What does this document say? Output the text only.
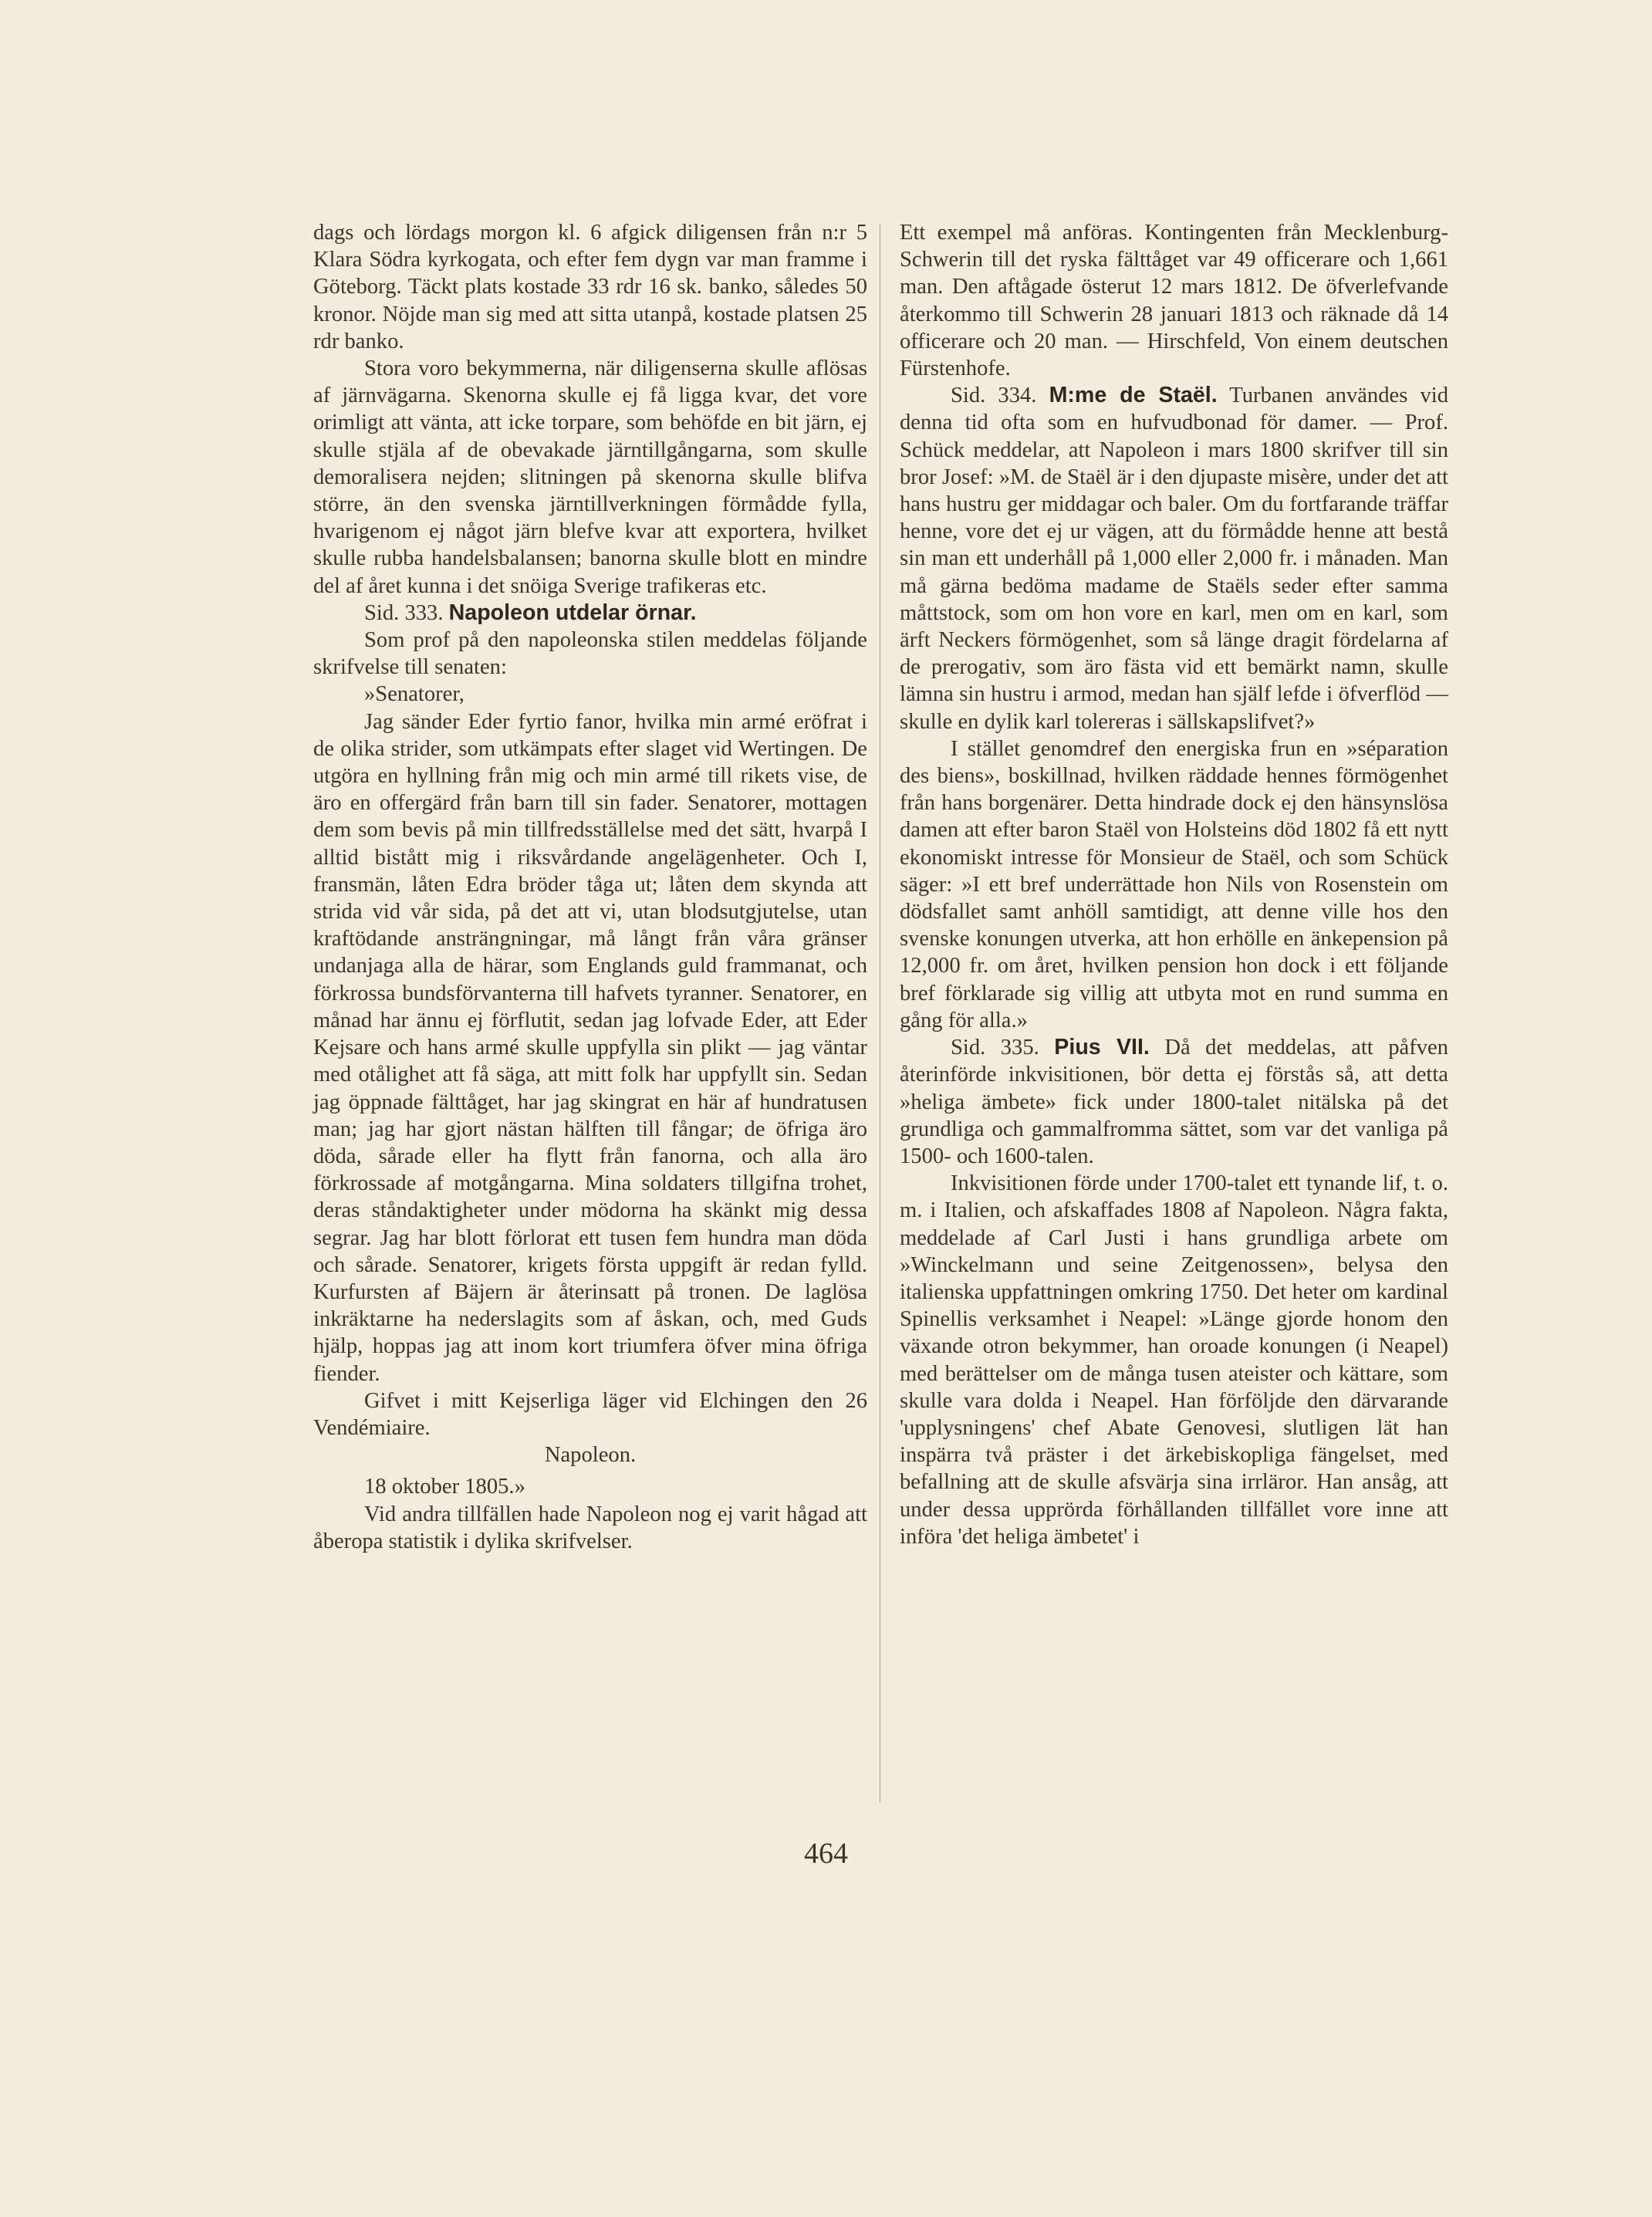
dags och lördags morgon kl. 6 afgick diligensen från n:r 5 Klara Södra kyrkogata, och efter fem dygn var man framme i Göteborg. Täckt plats kostade 33 rdr 16 sk. banko, således 50 kronor. Nöjde man sig med att sitta utanpå, kostade platsen 25 rdr banko.

Stora voro bekymmerna, när diligenserna skulle aflösas af järnvägarna. Skenorna skulle ej få ligga kvar, det vore orimligt att vänta, att icke torpare, som behöfde en bit järn, ej skulle stjäla af de obevakade järntillgångarna, som skulle demoralisera nejden; slitningen på skenorna skulle blifva större, än den svenska järntillverkningen förmådde fylla, hvarigenom ej något järn blefve kvar att exportera, hvilket skulle rubba handelsbalansen; banorna skulle blott en mindre del af året kunna i det snöiga Sverige trafikeras etc.

Sid. 333. Napoleon utdelar örnar.

Som prof på den napoleonska stilen meddelas följande skrifvelse till senaten:

»Senatorer,

Jag sänder Eder fyrtio fanor, hvilka min armé eröfrat i de olika strider, som utkämpats efter slaget vid Wertingen. De utgöra en hyllning från mig och min armé till rikets vise, de äro en offergärd från barn till sin fader. Senatorer, mottagen dem som bevis på min tillfredsställelse med det sätt, hvarpå I alltid bistått mig i riksvårdande angelägenheter. Och I, fransmän, låten Edra bröder tåga ut; låten dem skynda att strida vid vår sida, på det att vi, utan blodsutgjutelse, utan kraftödande ansträngningar, må långt från våra gränser undanjaga alla de härar, som Englands guld frammanat, och förkrossa bundsförvanterna till hafvets tyranner. Senatorer, en månad har ännu ej förflutit, sedan jag lofvade Eder, att Eder Kejsare och hans armé skulle uppfylla sin plikt — jag väntar med otålighet att få säga, att mitt folk har uppfyllt sin. Sedan jag öppnade fälttåget, har jag skingrat en här af hundratusen man; jag har gjort nästan hälften till fångar; de öfriga äro döda, sårade eller ha flytt från fanorna, och alla äro förkrossade af motgångarna. Mina soldaters tillgifna trohet, deras ståndaktigheter under mödorna ha skänkt mig dessa segrar. Jag har blott förlorat ett tusen fem hundra man döda och sårade. Senatorer, krigets första uppgift är redan fylld. Kurfursten af Bäjern är återinsatt på tronen. De laglösa inkräktarne ha nederslagits som af åskan, och, med Guds hjälp, hoppas jag att inom kort triumfera öfver mina öfriga fiender.

Gifvet i mitt Kejserliga läger vid Elchingen den 26 Vendémiaire.

Napoleon.

18 oktober 1805.»

Vid andra tillfällen hade Napoleon nog ej varit hågad att åberopa statistik i dylika skrifvelser.

Ett exempel må anföras. Kontingenten från Mecklenburg-Schwerin till det ryska fälttåget var 49 officerare och 1,661 man. Den aftågade österut 12 mars 1812. De öfverlefvande återkommo till Schwerin 28 januari 1813 och räknade då 14 officerare och 20 man. — Hirschfeld, Von einem deutschen Fürstenhofe.

Sid. 334. M:me de Staël. Turbanen användes vid denna tid ofta som en hufvudbonad för damer. — Prof. Schück meddelar, att Napoleon i mars 1800 skrifver till sin bror Josef: »M. de Staël är i den djupaste misère, under det att hans hustru ger middagar och baler. Om du fortfarande träffar henne, vore det ej ur vägen, att du förmådde henne att bestå sin man ett underhåll på 1,000 eller 2,000 fr. i månaden. Man må gärna bedöma madame de Staëls seder efter samma måttstock, som om hon vore en karl, men om en karl, som ärft Neckers förmögenhet, som så länge dragit fördelarna af de prerogativ, som äro fästa vid ett bemärkt namn, skulle lämna sin hustru i armod, medan han själf lefde i öfverflöd — skulle en dylik karl tolereras i sällskapslifvet?»

I stället genomdref den energiska frun en »séparation des biens», boskillnad, hvilken räddade hennes förmögenhet från hans borgenärer. Detta hindrade dock ej den hänsynslösa damen att efter baron Staël von Holsteins död 1802 få ett nytt ekonomiskt intresse för Monsieur de Staël, och som Schück säger: »I ett bref underrättade hon Nils von Rosenstein om dödsfallet samt anhöll samtidigt, att denne ville hos den svenske konungen utverka, att hon erhölle en änkepension på 12,000 fr. om året, hvilken pension hon dock i ett följande bref förklarade sig villig att utbyta mot en rund summa en gång för alla.»

Sid. 335. Pius VII. Då det meddelas, att påfven återinförde inkvisitionen, bör detta ej förstås så, att detta »heliga ämbete» fick under 1800-talet nitälska på det grundliga och gammalfromma sättet, som var det vanliga på 1500- och 1600-talen.

Inkvisitionen förde under 1700-talet ett tynande lif, t. o. m. i Italien, och afskaffades 1808 af Napoleon. Några fakta, meddelade af Carl Justi i hans grundliga arbete om »Winckelmann und seine Zeitgenossen», belysa den italienska uppfattningen omkring 1750. Det heter om kardinal Spinellis verksamhet i Neapel: »Länge gjorde honom den växande otron bekymmer, han oroade konungen (i Neapel) med berättelser om de många tusen ateister och kättare, som skulle vara dolda i Neapel. Han förföljde den därvarande 'upplysningens' chef Abate Genovesi, slutligen lät han inspärra två präster i det ärkebiskopliga fängelset, med befallning att de skulle afsvärja sina irrläror. Han ansåg, att under dessa upprörda förhållanden tillfället vore inne att införa 'det heliga ämbetet' i

464
